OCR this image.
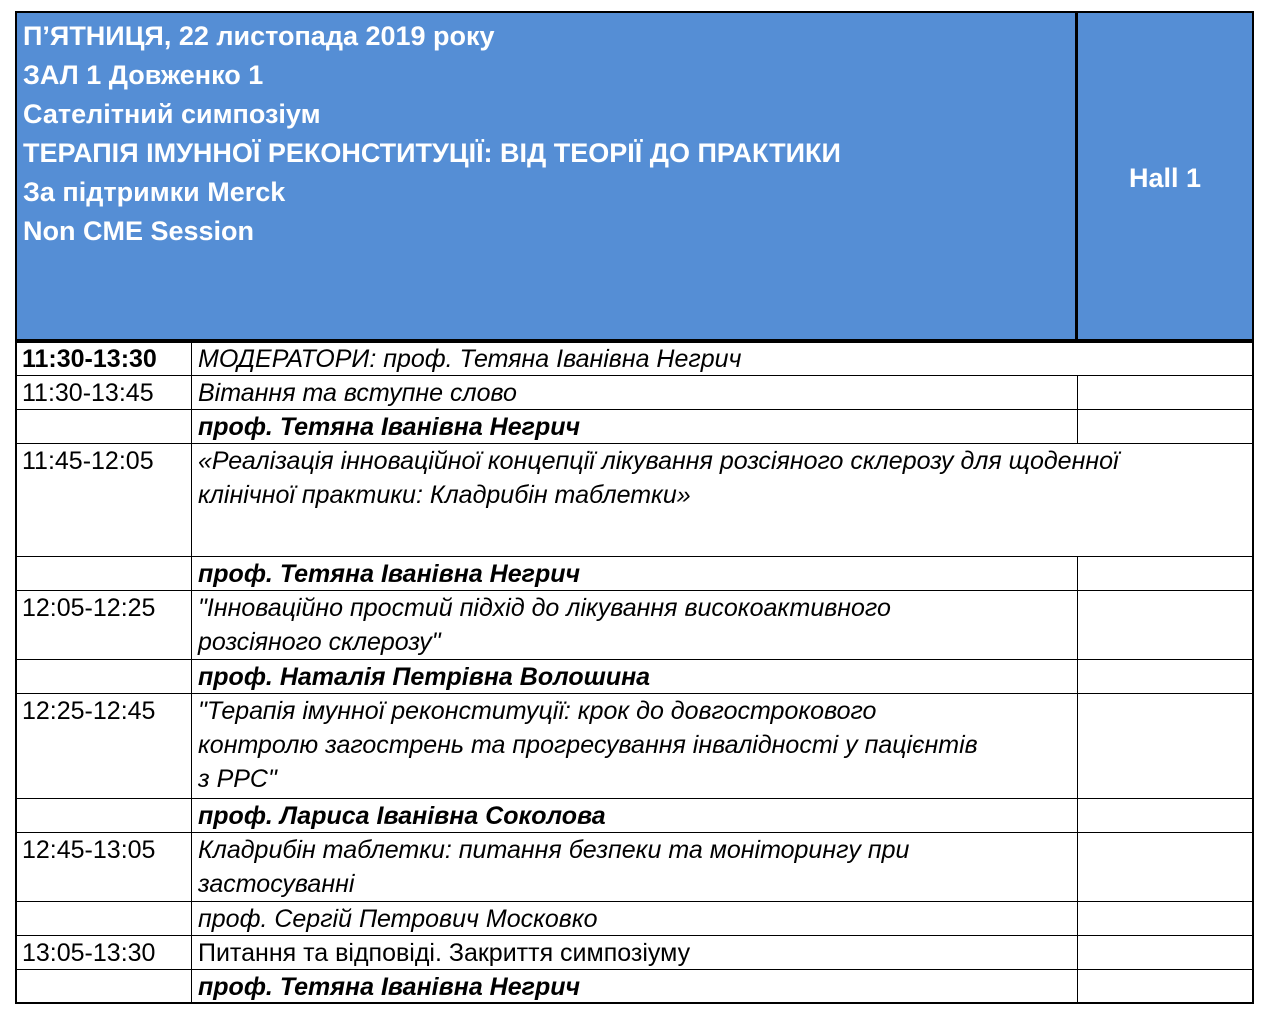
П’ЯТНИЦЯ, 22 листопада 2019 року
ЗАЛ 1 Довженко 1
Сателітний симпозіум
ТЕРАПІЯ ІМУННОЇ РЕКОНСТИТУЦІЇ: ВІД ТЕОРІЇ ДО ПРАКТИКИ
За підтримки Merck
Non CME Session
Hall 1
11:30-13:30	МОДЕРАТОРИ: проф. Тетяна Іванівна Негрич
11:30-13:45	Вітання та вступне слово
проф. Тетяна Іванівна Негрич
11:45-12:05	«Реалізація інноваційної концепції лікування розсіяного склерозу для щоденної
клінічної практики: Кладрибін таблетки»
проф. Тетяна Іванівна Негрич
12:05-12:25	"Інноваційно простий підхід до лікування високоактивного
розсіяного склерозу"
проф. Наталія Петрівна Волошина
12:25-12:45	"Терапія імунної реконституції: крок до довгострокового
контролю загострень та прогресування інвалідності у пацієнтів
з РРС"
проф. Лариса Іванівна Соколова
12:45-13:05	Кладрибін таблетки: питання безпеки та моніторингу при
застосуванні
проф. Сергій Петрович Московко
13:05-13:30	Питання та відповіді. Закриття симпозіуму
проф. Тетяна Іванівна Негрич
